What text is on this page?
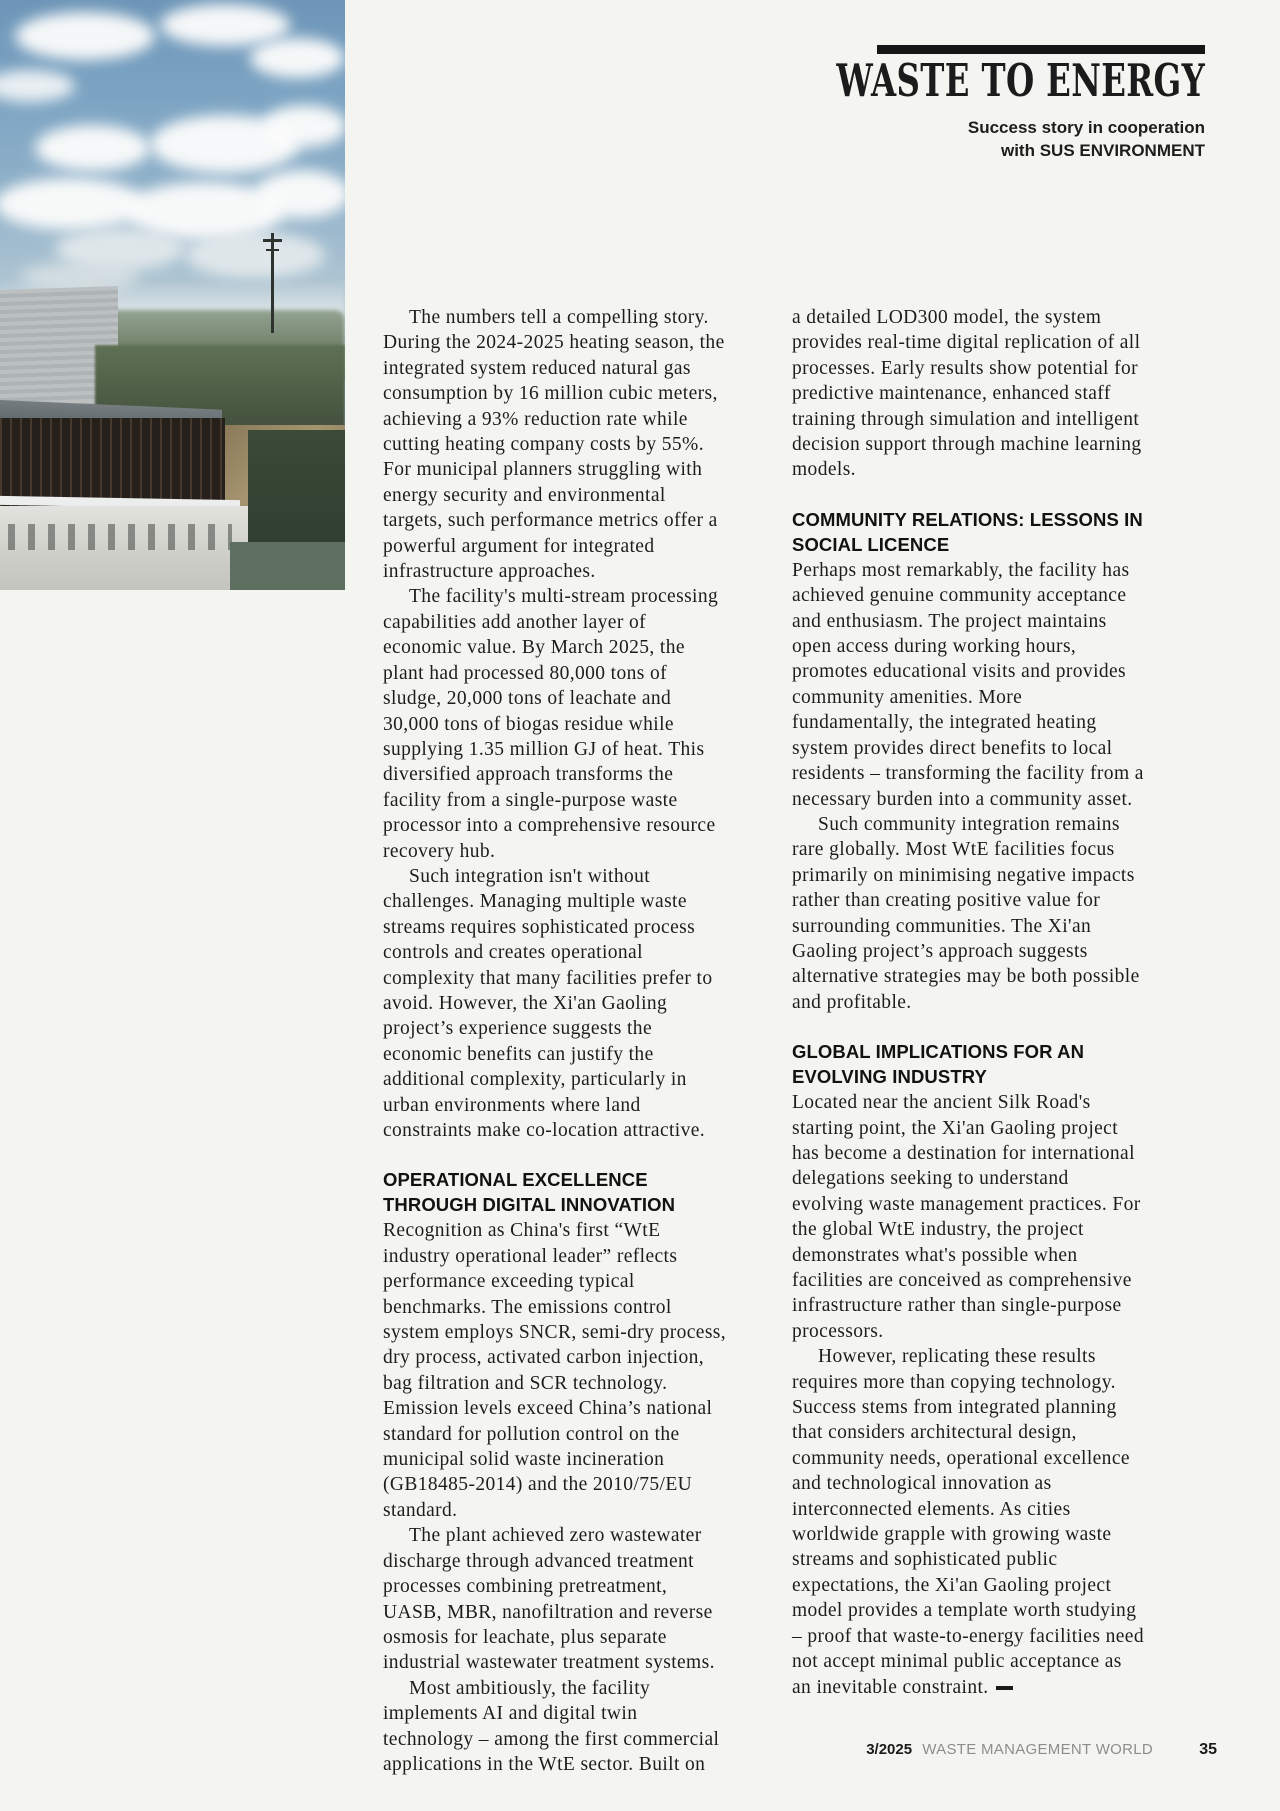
WASTE TO ENERGY
Success story in cooperation
with SUS ENVIRONMENT

The numbers tell a compelling story. During the 2024-2025 heating season, the integrated system reduced natural gas consumption by 16 million cubic meters, achieving a 93% reduction rate while cutting heating company costs by 55%. For municipal planners struggling with energy security and environmental targets, such performance metrics offer a powerful argument for integrated infrastructure approaches.

The facility's multi-stream processing capabilities add another layer of economic value. By March 2025, the plant had processed 80,000 tons of sludge, 20,000 tons of leachate and 30,000 tons of biogas residue while supplying 1.35 million GJ of heat. This diversified approach transforms the facility from a single-purpose waste processor into a comprehensive resource recovery hub.

Such integration isn't without challenges. Managing multiple waste streams requires sophisticated process controls and creates operational complexity that many facilities prefer to avoid. However, the Xi'an Gaoling project’s experience suggests the economic benefits can justify the additional complexity, particularly in urban environments where land constraints make co-location attractive.

OPERATIONAL EXCELLENCE
THROUGH DIGITAL INNOVATION

Recognition as China's first “WtE industry operational leader” reflects performance exceeding typical benchmarks. The emissions control system employs SNCR, semi-dry process, dry process, activated carbon injection, bag filtration and SCR technology. Emission levels exceed China’s national standard for pollution control on the municipal solid waste incineration (GB18485-2014) and the 2010/75/EU standard.

The plant achieved zero wastewater discharge through advanced treatment processes combining pretreatment, UASB, MBR, nanofiltration and reverse osmosis for leachate, plus separate industrial wastewater treatment systems.

Most ambitiously, the facility implements AI and digital twin technology – among the first commercial applications in the WtE sector. Built on

a detailed LOD300 model, the system provides real-time digital replication of all processes. Early results show potential for predictive maintenance, enhanced staff training through simulation and intelligent decision support through machine learning models.

COMMUNITY RELATIONS: LESSONS IN
SOCIAL LICENCE

Perhaps most remarkably, the facility has achieved genuine community acceptance and enthusiasm. The project maintains open access during working hours, promotes educational visits and provides community amenities. More fundamentally, the integrated heating system provides direct benefits to local residents – transforming the facility from a necessary burden into a community asset.

Such community integration remains rare globally. Most WtE facilities focus primarily on minimising negative impacts rather than creating positive value for surrounding communities. The Xi'an Gaoling project’s approach suggests alternative strategies may be both possible and profitable.

GLOBAL IMPLICATIONS FOR AN
EVOLVING INDUSTRY

Located near the ancient Silk Road's starting point, the Xi'an Gaoling project has become a destination for international delegations seeking to understand evolving waste management practices. For the global WtE industry, the project demonstrates what's possible when facilities are conceived as comprehensive infrastructure rather than single-purpose processors.

However, replicating these results requires more than copying technology. Success stems from integrated planning that considers architectural design, community needs, operational excellence and technological innovation as interconnected elements. As cities worldwide grapple with growing waste streams and sophisticated public expectations, the Xi'an Gaoling project model provides a template worth studying – proof that waste-to-energy facilities need not accept minimal public acceptance as an inevitable constraint.

3/2025 WASTE MANAGEMENT WORLD	35
